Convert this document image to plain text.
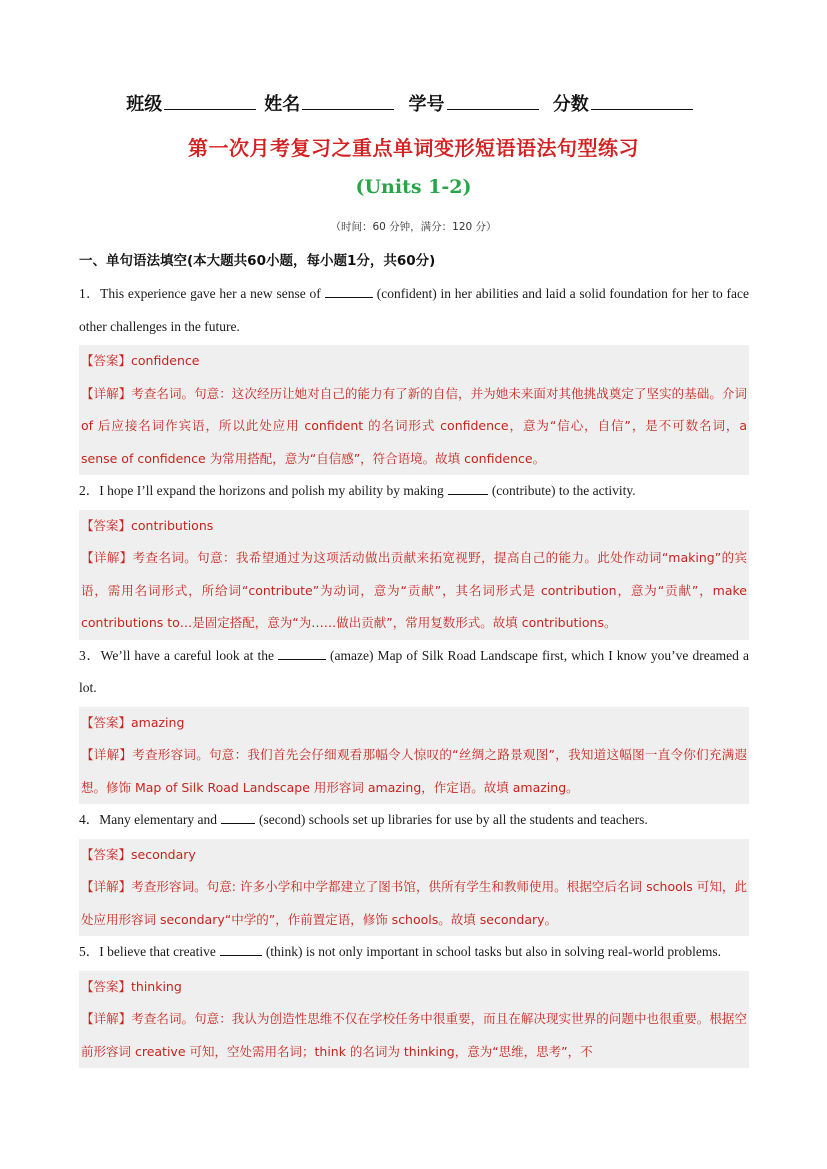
班级	姓名	学号	分数
第一次月考复习之重点单词变形短语语法句型练习
(Units 1-2)
（时间：60 分钟，满分：120 分）
一、单句语法填空(本大题共60小题，每小题1分，共60分)

1．This experience gave her a new sense of	(confident) in her abilities and laid a solid foundation for her to face other challenges in the future.

【答案】confidence

【详解】考查名词。句意：这次经历让她对自己的能力有了新的自信，并为她未来面对其他挑战奠定了坚实的基础。介词 of 后应接名词作宾语，所以此处应用 confident 的名词形式 confidence，意为“信心，自信”，是不可数名词，a sense of confidence 为常用搭配，意为“自信感”，符合语境。故填 confidence。

2．I hope I’ll expand the horizons and polish my ability by making	(contribute) to the activity.

【答案】contributions

【详解】考查名词。句意：我希望通过为这项活动做出贡献来拓宽视野，提高自己的能力。此处作动词“making”的宾语，需用名词形式，所给词“contribute”为动词，意为“贡献”，其名词形式是 contribution，意为“贡献”，make contributions to…是固定搭配，意为“为……做出贡献”，常用复数形式。故填 contributions。

3．We’ll have a careful look at the	(amaze) Map of Silk Road Landscape first, which I know you’ve dreamed a lot.

【答案】amazing

【详解】考查形容词。句意：我们首先会仔细观看那幅令人惊叹的“丝绸之路景观图”，我知道这幅图一直令你们充满遐想。修饰 Map of Silk Road Landscape 用形容词 amazing，作定语。故填 amazing。

4．Many elementary and	(second) schools set up libraries for use by all the students and teachers.

【答案】secondary

【详解】考查形容词。句意: 许多小学和中学都建立了图书馆，供所有学生和教师使用。根据空后名词 schools 可知，此处应用形容词 secondary“中学的”，作前置定语，修饰 schools。故填 secondary。

5．I believe that creative	(think) is not only important in school tasks but also in solving real-world problems.

【答案】thinking

【详解】考查名词。句意：我认为创造性思维不仅在学校任务中很重要，而且在解决现实世界的问题中也很重要。根据空前形容词 creative 可知，空处需用名词；think 的名词为 thinking，意为“思维，思考”，不
